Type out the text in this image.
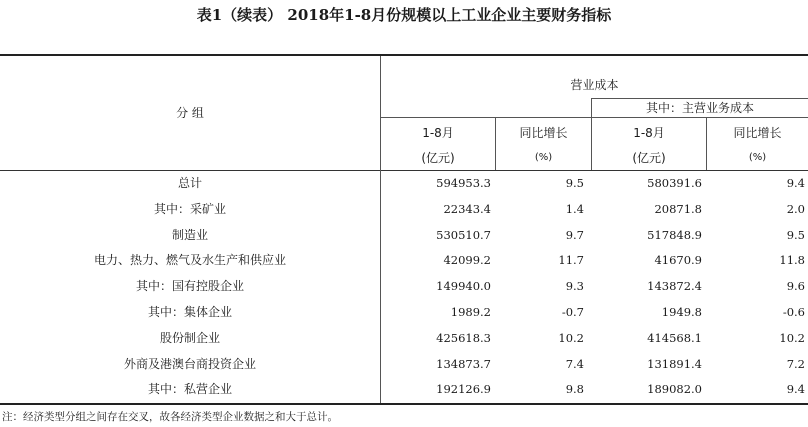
表1（续表） 2018年1-8月份规模以上工业企业主要财务指标
分 组
营业成本
其中：主营业务成本
1-8月	同比增长	1-8月	同比增长
(亿元)	(%)	(亿元)	(%)
总计	594953.3	9.5	580391.6	9.4
其中：采矿业	22343.4	1.4	20871.8	2.0
制造业	530510.7	9.7	517848.9	9.5
电力、热力、燃气及水生产和供应业	42099.2	11.7	41670.9	11.8
其中：国有控股企业	149940.0	9.3	143872.4	9.6
其中：集体企业	1989.2	-0.7	1949.8	-0.6
股份制企业	425618.3	10.2	414568.1	10.2
外商及港澳台商投资企业	134873.7	7.4	131891.4	7.2
其中：私营企业	192126.9	9.8	189082.0	9.4
注：经济类型分组之间存在交叉，故各经济类型企业数据之和大于总计。
